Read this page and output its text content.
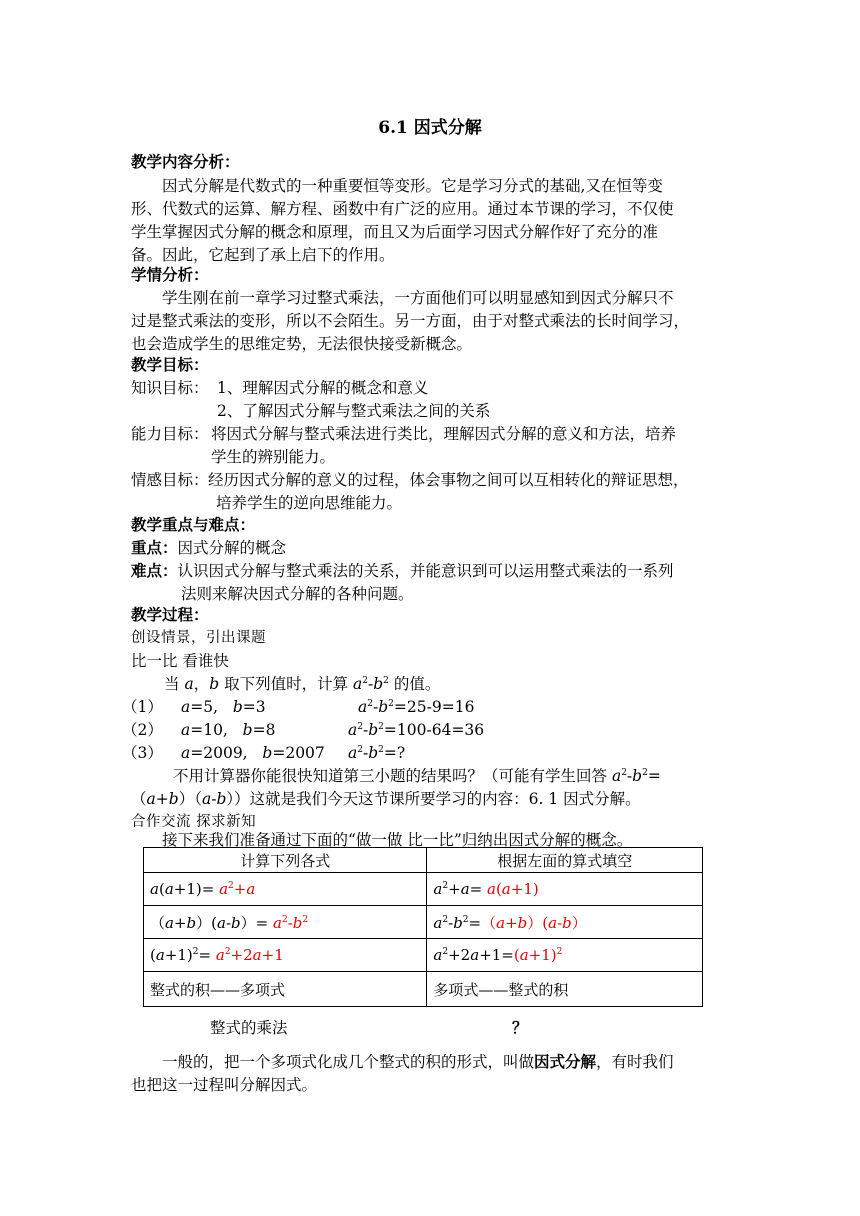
6.1 因式分解
教学内容分析：
因式分解是代数式的一种重要恒等变形。它是学习分式的基础,又在恒等变
形、代数式的运算、解方程、函数中有广泛的应用。通过本节课的学习，不仅使
学生掌握因式分解的概念和原理，而且又为后面学习因式分解作好了充分的准
备。因此，它起到了承上启下的作用。
学情分析：
学生刚在前一章学习过整式乘法，一方面他们可以明显感知到因式分解只不
过是整式乘法的变形，所以不会陌生。另一方面，由于对整式乘法的长时间学习，
也会造成学生的思维定势，无法很快接受新概念。
教学目标：
知识目标： 1、理解因式分解的概念和意义
2、了解因式分解与整式乘法之间的关系
能力目标： 将因式分解与整式乘法进行类比，理解因式分解的意义和方法，培养
学生的辨别能力。
情感目标： 经历因式分解的意义的过程，体会事物之间可以互相转化的辩证思想，
培养学生的逆向思维能力。
教学重点与难点：
重点：因式分解的概念
难点：认识因式分解与整式乘法的关系，并能意识到可以运用整式乘法的一系列
法则来解决因式分解的各种问题。
教学过程：
创设情景，引出课题
比一比 看谁快
当 a，b 取下列值时，计算 $a^2-b^2$ 的值。
（1） a=5, b=3	$a^2-b^2=25-9=16$
（2） a=10, b=8	$a^2-b^2=100-64=36$
（3） a=2009, b=2007 $a^2-b^2=$?
不用计算器你能很快知道第三小题的结果吗？（可能有学生回答 $a^2-b^2=$
（a+b）（a-b））这就是我们今天这节课所要学习的内容：6. 1 因式分解。
合作交流 探求新知
接下来我们准备通过下面的“做一做 比一比”归纳出因式分解的概念。
计算下列各式	根据左面的算式填空
$a(a+1)= a^2+a$	$a^2+a= a(a+1)$
$(a+b)(a-b)= a^2-b^2$	$a^2-b^2=(a+b)(a-b)$
$(a+1)^2= a^2+2a+1$	$a^2+2a+1=(a+1)^2$
整式的积——多项式	多项式——整式的积
整式的乘法	？
一般的，把一个多项式化成几个整式的积的形式，叫做因式分解，有时我们
也把这一过程叫分解因式。
